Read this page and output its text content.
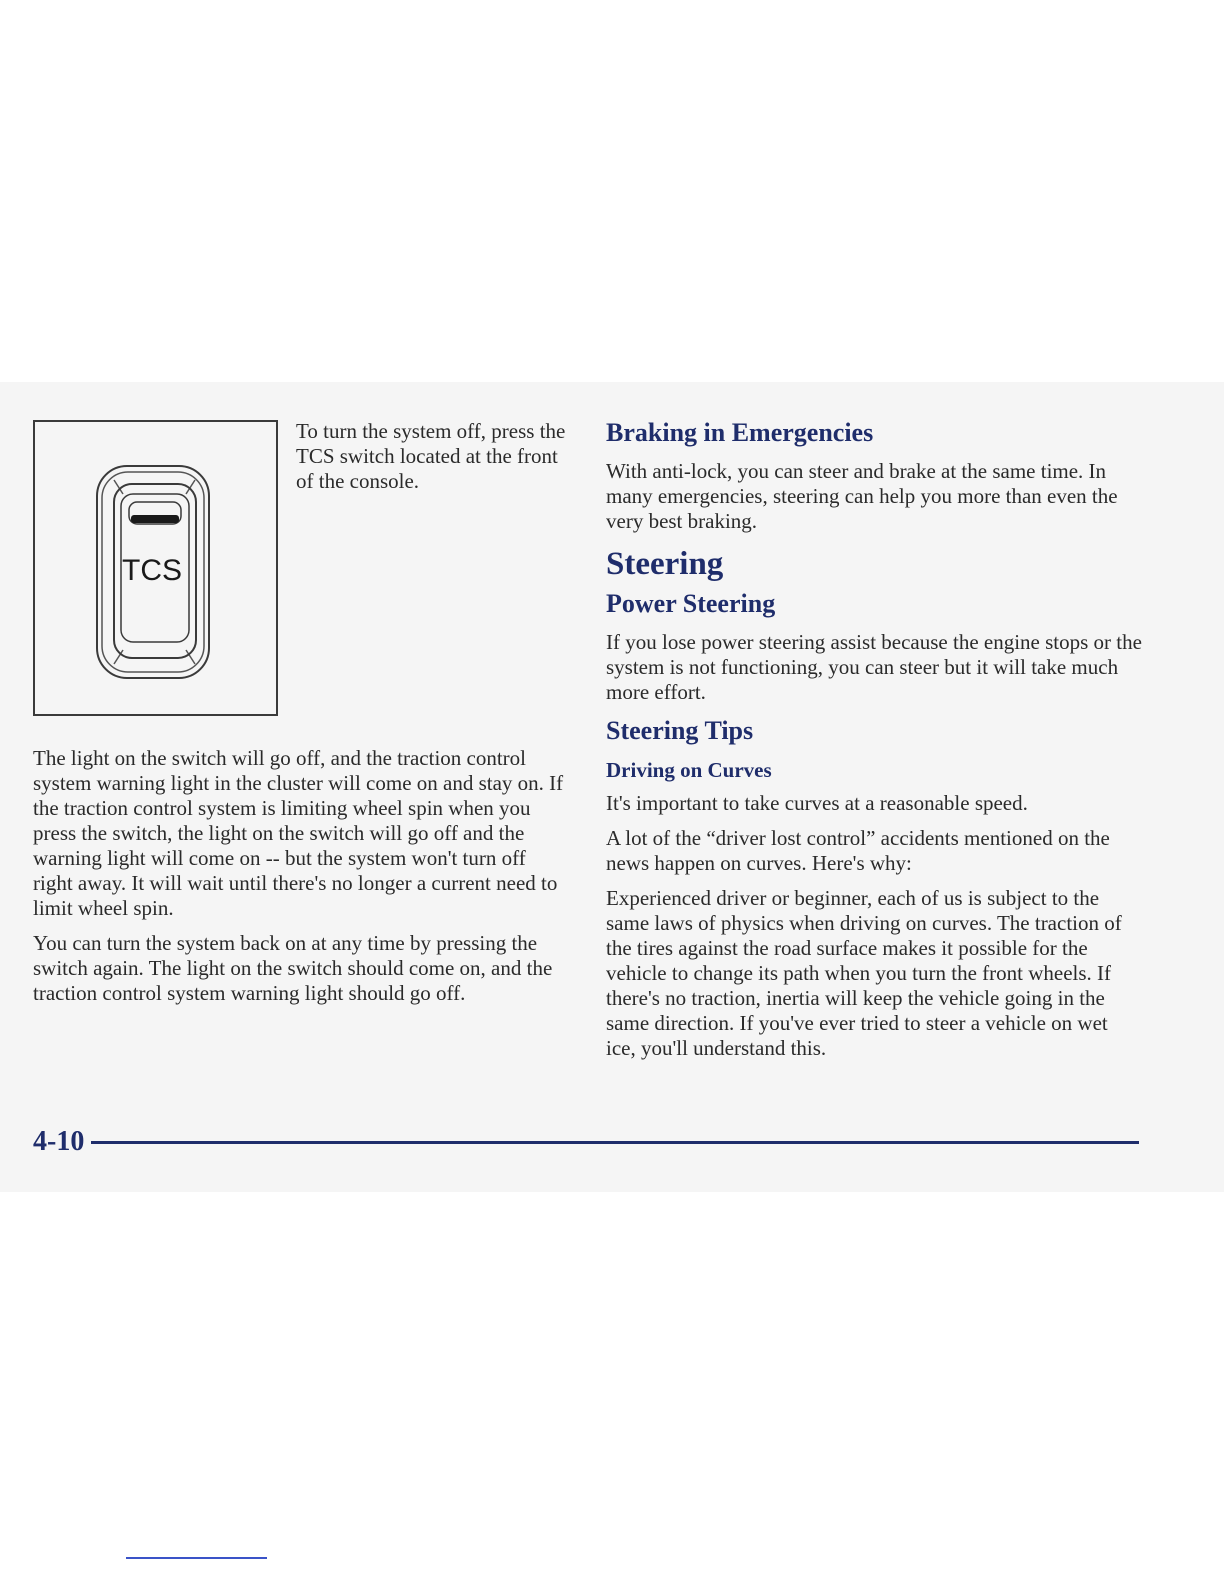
TCS

To turn the system off, press the TCS switch located at the front of the console.

The light on the switch will go off, and the traction control system warning light in the cluster will come on and stay on. If the traction control system is limiting wheel spin when you press the switch, the light on the switch will go off and the warning light will come on -- but the system won't turn off right away. It will wait until there's no longer a current need to limit wheel spin.

You can turn the system back on at any time by pressing the switch again. The light on the switch should come on, and the traction control system warning light should go off.

Braking in Emergencies

With anti-lock, you can steer and brake at the same time. In many emergencies, steering can help you more than even the very best braking.

Steering
Power Steering

If you lose power steering assist because the engine stops or the system is not functioning, you can steer but it will take much more effort.

Steering Tips
Driving on Curves

It's important to take curves at a reasonable speed.

A lot of the “driver lost control” accidents mentioned on the news happen on curves. Here's why:

Experienced driver or beginner, each of us is subject to the same laws of physics when driving on curves. The traction of the tires against the road surface makes it possible for the vehicle to change its path when you turn the front wheels. If there's no traction, inertia will keep the vehicle going in the same direction. If you've ever tried to steer a vehicle on wet ice, you'll understand this.

4-10
